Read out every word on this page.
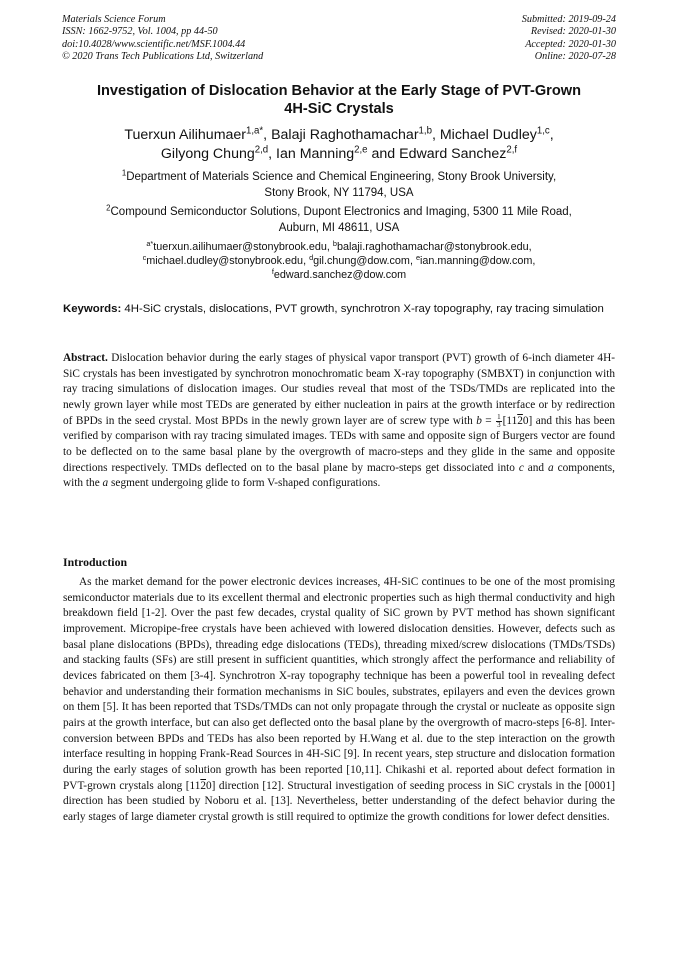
Materials Science Forum
ISSN: 1662-9752, Vol. 1004, pp 44-50
doi:10.4028/www.scientific.net/MSF.1004.44
© 2020 Trans Tech Publications Ltd, Switzerland
Submitted: 2019-09-24
Revised: 2020-01-30
Accepted: 2020-01-30
Online: 2020-07-28
Investigation of Dislocation Behavior at the Early Stage of PVT-Grown
4H-SiC Crystals
Tuerxun Ailihumaer$^{1,a*}$, Balaji Raghothamachar$^{1,b}$, Michael Dudley$^{1,c}$,
Gilyong Chung$^{2,d}$, Ian Manning$^{2,e}$ and Edward Sanchez$^{2,f}$
$^1$Department of Materials Science and Chemical Engineering, Stony Brook University,
Stony Brook, NY 11794, USA
$^2$Compound Semiconductor Solutions, Dupont Electronics and Imaging, 5300 11 Mile Road,
Auburn, MI 48611, USA
$^{a*}$tuerxun.ailihumaer@stonybrook.edu, $^b$balaji.raghothamachar@stonybrook.edu,
$^c$michael.dudley@stonybrook.edu, $^d$gil.chung@dow.com, $^e$ian.manning@dow.com,
$^f$edward.sanchez@dow.com
Keywords: 4H-SiC crystals, dislocations, PVT growth, synchrotron X-ray topography, ray tracing simulation
Abstract. Dislocation behavior during the early stages of physical vapor transport (PVT) growth of 6-inch diameter 4H-SiC crystals has been investigated by synchrotron monochromatic beam X-ray topography (SMBXT) in conjunction with ray tracing simulations of dislocation images. Our studies reveal that most of the TSDs/TMDs are replicated into the newly grown layer while most TEDs are generated by either nucleation in pairs at the growth interface or by redirection of BPDs in the seed crystal. Most BPDs in the newly grown layer are of screw type with $b = \frac{1}{3} [1120]$ and this has been verified by comparison with ray tracing simulated images. TEDs with same and opposite sign of Burgers vector are found to be deflected on to the same basal plane by the overgrowth of macro-steps and they glide in the same and opposite directions respectively. TMDs deflected on to the basal plane by macro-steps get dissociated into c and a components, with the a segment undergoing glide to form V-shaped configurations.
Introduction
As the market demand for the power electronic devices increases, 4H-SiC continues to be one of the most promising semiconductor materials due to its excellent thermal and electronic properties such as high thermal conductivity and high breakdown field [1-2]. Over the past few decades, crystal quality of SiC grown by PVT method has shown significant improvement. Micropipe-free crystals have been achieved with lowered dislocation densities. However, defects such as basal plane dislocations (BPDs), threading edge dislocations (TEDs), threading mixed/screw dislocations (TMDs/TSDs) and stacking faults (SFs) are still present in sufficient quantities, which strongly affect the performance and reliability of devices fabricated on them [3-4]. Synchrotron X-ray topography technique has been a powerful tool in revealing defect behavior and understanding their formation mechanisms in SiC boules, substrates, epilayers and even the devices grown on them [5]. It has been reported that TSDs/TMDs can not only propagate through the crystal or nucleate as opposite sign pairs at the growth interface, but can also get deflected onto the basal plane by the overgrowth of macro-steps [6-8]. Inter-conversion between BPDs and TEDs has also been reported by H.Wang et al. due to the step interaction on the growth interface resulting in hopping Frank-Read Sources in 4H-SiC [9]. In recent years, step structure and dislocation formation during the early stages of solution growth has been reported [10,11]. Chikashi et al. reported about defect formation in PVT-grown crystals along [1120] direction [12]. Structural investigation of seeding process in SiC crystals in the [0001] direction has been studied by Noboru et al. [13]. Nevertheless, better understanding of the defect behavior during the early stages of large diameter crystal growth is still required to optimize the growth conditions for lower defect densities.
